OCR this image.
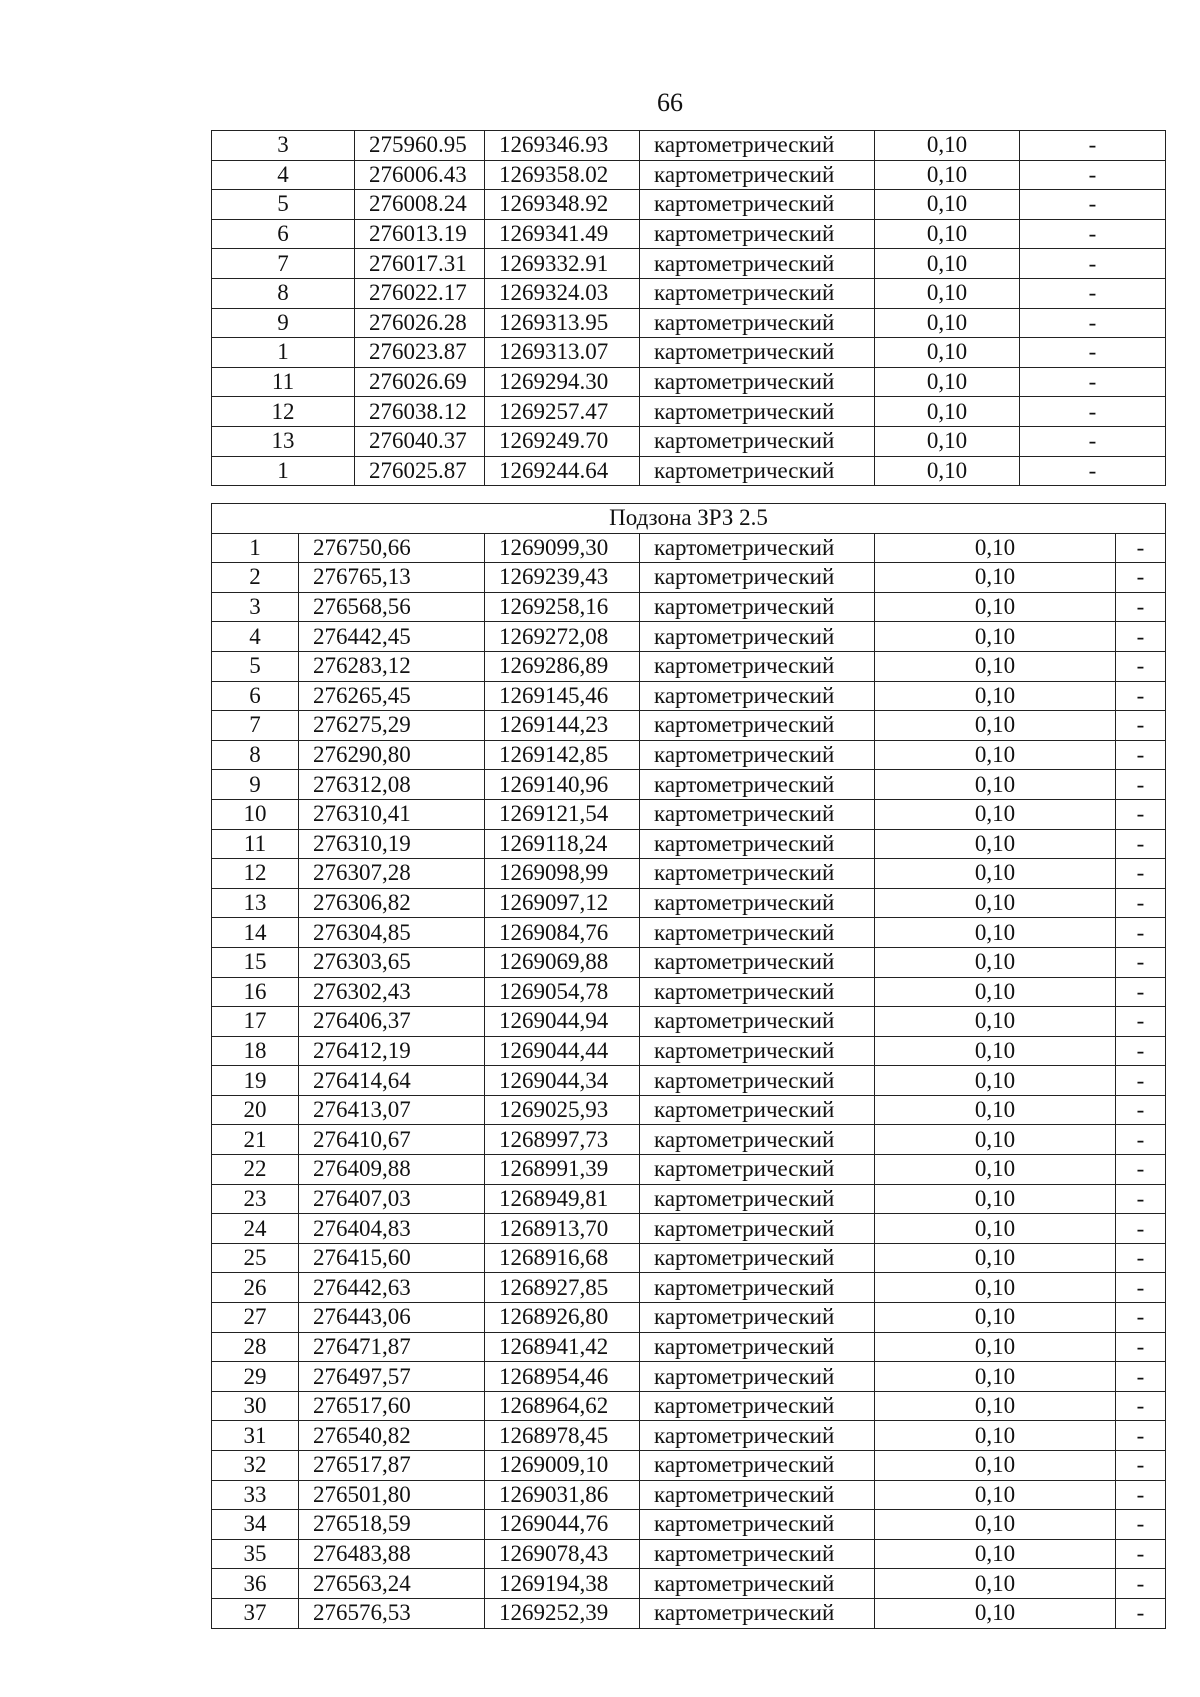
66
3	275960.95	1269346.93	картометрический	0,10	-
4	276006.43	1269358.02	картометрический	0,10	-
5	276008.24	1269348.92	картометрический	0,10	-
6	276013.19	1269341.49	картометрический	0,10	-
7	276017.31	1269332.91	картометрический	0,10	-
8	276022.17	1269324.03	картометрический	0,10	-
9	276026.28	1269313.95	картометрический	0,10	-
1	276023.87	1269313.07	картометрический	0,10	-
11	276026.69	1269294.30	картометрический	0,10	-
12	276038.12	1269257.47	картометрический	0,10	-
13	276040.37	1269249.70	картометрический	0,10	-
1	276025.87	1269244.64	картометрический	0,10	-
Подзона ЗРЗ 2.5					
1	276750,66	1269099,30	картометрический	0,10	-
2	276765,13	1269239,43	картометрический	0,10	-
3	276568,56	1269258,16	картометрический	0,10	-
4	276442,45	1269272,08	картометрический	0,10	-
5	276283,12	1269286,89	картометрический	0,10	-
6	276265,45	1269145,46	картометрический	0,10	-
7	276275,29	1269144,23	картометрический	0,10	-
8	276290,80	1269142,85	картометрический	0,10	-
9	276312,08	1269140,96	картометрический	0,10	-
10	276310,41	1269121,54	картометрический	0,10	-
11	276310,19	1269118,24	картометрический	0,10	-
12	276307,28	1269098,99	картометрический	0,10	-
13	276306,82	1269097,12	картометрический	0,10	-
14	276304,85	1269084,76	картометрический	0,10	-
15	276303,65	1269069,88	картометрический	0,10	-
16	276302,43	1269054,78	картометрический	0,10	-
17	276406,37	1269044,94	картометрический	0,10	-
18	276412,19	1269044,44	картометрический	0,10	-
19	276414,64	1269044,34	картометрический	0,10	-
20	276413,07	1269025,93	картометрический	0,10	-
21	276410,67	1268997,73	картометрический	0,10	-
22	276409,88	1268991,39	картометрический	0,10	-
23	276407,03	1268949,81	картометрический	0,10	-
24	276404,83	1268913,70	картометрический	0,10	-
25	276415,60	1268916,68	картометрический	0,10	-
26	276442,63	1268927,85	картометрический	0,10	-
27	276443,06	1268926,80	картометрический	0,10	-
28	276471,87	1268941,42	картометрический	0,10	-
29	276497,57	1268954,46	картометрический	0,10	-
30	276517,60	1268964,62	картометрический	0,10	-
31	276540,82	1268978,45	картометрический	0,10	-
32	276517,87	1269009,10	картометрический	0,10	-
33	276501,80	1269031,86	картометрический	0,10	-
34	276518,59	1269044,76	картометрический	0,10	-
35	276483,88	1269078,43	картометрический	0,10	-
36	276563,24	1269194,38	картометрический	0,10	-
37	276576,53	1269252,39	картометрический	0,10	-
